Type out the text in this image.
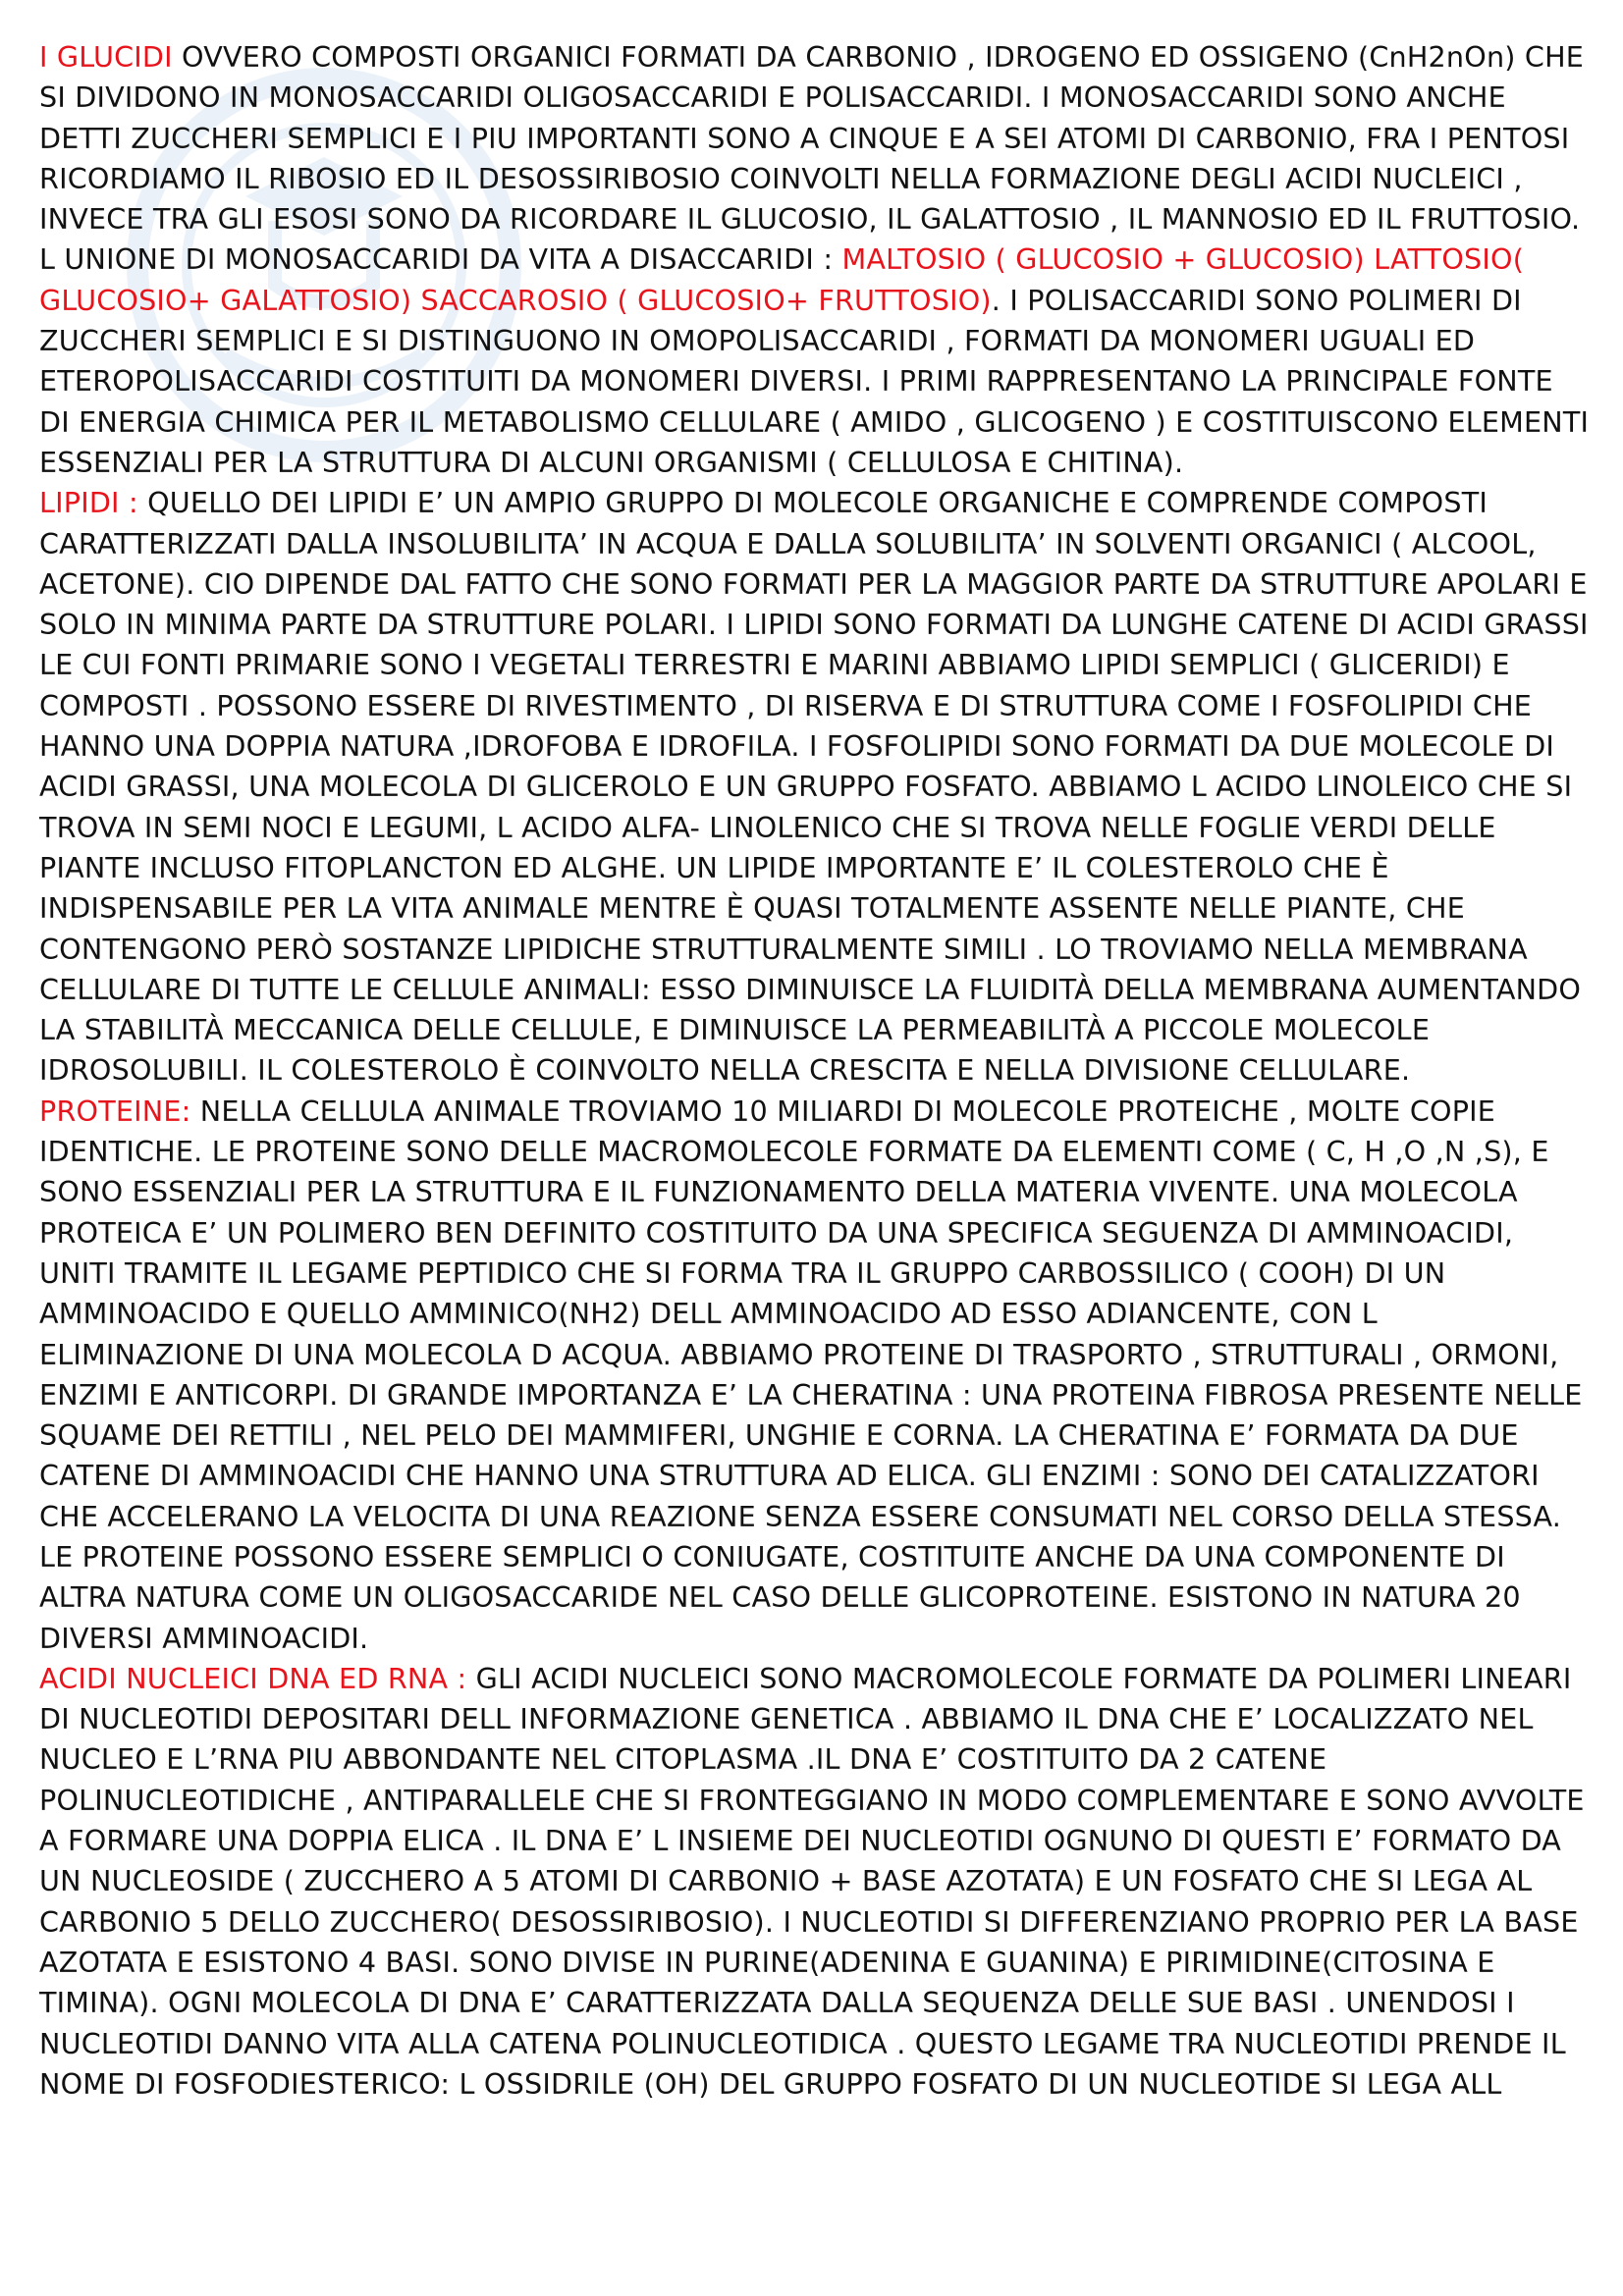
I GLUCIDI OVVERO COMPOSTI ORGANICI FORMATI DA CARBONIO , IDROGENO ED OSSIGENO (CnH2nOn) CHE SI DIVIDONO IN MONOSACCARIDI OLIGOSACCARIDI E POLISACCARIDI. I MONOSACCARIDI SONO ANCHE DETTI ZUCCHERI SEMPLICI E I PIU IMPORTANTI SONO A CINQUE E A SEI ATOMI DI CARBONIO, FRA I PENTOSI RICORDIAMO IL RIBOSIO ED IL DESOSSIRIBOSIO COINVOLTI NELLA FORMAZIONE DEGLI ACIDI NUCLEICI , INVECE TRA GLI ESOSI SONO DA RICORDARE IL GLUCOSIO, IL GALATTOSIO , IL MANNOSIO ED IL FRUTTOSIO. L UNIONE DI MONOSACCARIDI DA VITA A DISACCARIDI : MALTOSIO ( GLUCOSIO + GLUCOSIO) LATTOSIO( GLUCOSIO+ GALATTOSIO) SACCAROSIO ( GLUCOSIO+ FRUTTOSIO). I POLISACCARIDI SONO POLIMERI DI ZUCCHERI SEMPLICI E SI DISTINGUONO IN OMOPOLISACCARIDI , FORMATI DA MONOMERI UGUALI ED ETEROPOLISACCARIDI COSTITUITI DA MONOMERI DIVERSI. I PRIMI RAPPRESENTANO LA PRINCIPALE FONTE DI ENERGIA CHIMICA PER IL METABOLISMO CELLULARE ( AMIDO , GLICOGENO ) E COSTITUISCONO ELEMENTI ESSENZIALI PER LA STRUTTURA DI ALCUNI ORGANISMI ( CELLULOSA E CHITINA).

LIPIDI : QUELLO DEI LIPIDI E’ UN AMPIO GRUPPO DI MOLECOLE ORGANICHE E COMPRENDE COMPOSTI CARATTERIZZATI DALLA INSOLUBILITA’ IN ACQUA E DALLA SOLUBILITA’ IN SOLVENTI ORGANICI ( ALCOOL, ACETONE). CIO DIPENDE DAL FATTO CHE SONO FORMATI PER LA MAGGIOR PARTE DA STRUTTURE APOLARI E SOLO IN MINIMA PARTE DA STRUTTURE POLARI. I LIPIDI SONO FORMATI DA LUNGHE CATENE DI ACIDI GRASSI LE CUI FONTI PRIMARIE SONO I VEGETALI TERRESTRI E MARINI ABBIAMO LIPIDI SEMPLICI ( GLICERIDI) E COMPOSTI . POSSONO ESSERE DI RIVESTIMENTO , DI RISERVA E DI STRUTTURA COME I FOSFOLIPIDI CHE HANNO UNA DOPPIA NATURA ,IDROFOBA E IDROFILA. I FOSFOLIPIDI SONO FORMATI DA DUE MOLECOLE DI ACIDI GRASSI, UNA MOLECOLA DI GLICEROLO E UN GRUPPO FOSFATO. ABBIAMO L ACIDO LINOLEICO CHE SI TROVA IN SEMI NOCI E LEGUMI, L ACIDO ALFA- LINOLENICO CHE SI TROVA NELLE FOGLIE VERDI DELLE PIANTE INCLUSO FITOPLANCTON ED ALGHE. UN LIPIDE IMPORTANTE E’ IL COLESTEROLO CHE È INDISPENSABILE PER LA VITA ANIMALE MENTRE È QUASI TOTALMENTE ASSENTE NELLE PIANTE, CHE CONTENGONO PERÒ SOSTANZE LIPIDICHE STRUTTURALMENTE SIMILI . LO TROVIAMO NELLA MEMBRANA CELLULARE DI TUTTE LE CELLULE ANIMALI: ESSO DIMINUISCE LA FLUIDITÀ DELLA MEMBRANA AUMENTANDO LA STABILITÀ MECCANICA DELLE CELLULE, E DIMINUISCE LA PERMEABILITÀ A PICCOLE MOLECOLE IDROSOLUBILI. IL COLESTEROLO È COINVOLTO NELLA CRESCITA E NELLA DIVISIONE CELLULARE.

PROTEINE: NELLA CELLULA ANIMALE TROVIAMO 10 MILIARDI DI MOLECOLE PROTEICHE , MOLTE COPIE IDENTICHE. LE PROTEINE SONO DELLE MACROMOLECOLE FORMATE DA ELEMENTI COME ( C, H ,O ,N ,S), E SONO ESSENZIALI PER LA STRUTTURA E IL FUNZIONAMENTO DELLA MATERIA VIVENTE. UNA MOLECOLA PROTEICA E’ UN POLIMERO BEN DEFINITO COSTITUITO DA UNA SPECIFICA SEGUENZA DI AMMINOACIDI, UNITI TRAMITE IL LEGAME PEPTIDICO CHE SI FORMA TRA IL GRUPPO CARBOSSILICO ( COOH) DI UN AMMINOACIDO E QUELLO AMMINICO(NH2) DELL AMMINOACIDO AD ESSO ADIANCENTE, CON L ELIMINAZIONE DI UNA MOLECOLA D ACQUA. ABBIAMO PROTEINE DI TRASPORTO , STRUTTURALI , ORMONI, ENZIMI E ANTICORPI. DI GRANDE IMPORTANZA E’ LA CHERATINA : UNA PROTEINA FIBROSA PRESENTE NELLE SQUAME DEI RETTILI , NEL PELO DEI MAMMIFERI, UNGHIE E CORNA. LA CHERATINA E’ FORMATA DA DUE CATENE DI AMMINOACIDI CHE HANNO UNA STRUTTURA AD ELICA. GLI ENZIMI : SONO DEI CATALIZZATORI CHE ACCELERANO LA VELOCITA DI UNA REAZIONE SENZA ESSERE CONSUMATI NEL CORSO DELLA STESSA. LE PROTEINE POSSONO ESSERE SEMPLICI O CONIUGATE, COSTITUITE ANCHE DA UNA COMPONENTE DI ALTRA NATURA COME UN OLIGOSACCARIDE NEL CASO DELLE GLICOPROTEINE. ESISTONO IN NATURA 20 DIVERSI AMMINOACIDI.

ACIDI NUCLEICI DNA ED RNA : GLI ACIDI NUCLEICI SONO MACROMOLECOLE FORMATE DA POLIMERI LINEARI DI NUCLEOTIDI DEPOSITARI DELL INFORMAZIONE GENETICA . ABBIAMO IL DNA CHE E’ LOCALIZZATO NEL NUCLEO E L’RNA PIU ABBONDANTE NEL CITOPLASMA .IL DNA E’ COSTITUITO DA 2 CATENE POLINUCLEOTIDICHE , ANTIPARALLELE CHE SI FRONTEGGIANO IN MODO COMPLEMENTARE E SONO AVVOLTE A FORMARE UNA DOPPIA ELICA . IL DNA E’ L INSIEME DEI NUCLEOTIDI OGNUNO DI QUESTI E’ FORMATO DA UN NUCLEOSIDE ( ZUCCHERO A 5 ATOMI DI CARBONIO + BASE AZOTATA) E UN FOSFATO CHE SI LEGA AL CARBONIO 5 DELLO ZUCCHERO( DESOSSIRIBOSIO). I NUCLEOTIDI SI DIFFERENZIANO PROPRIO PER LA BASE AZOTATA E ESISTONO 4 BASI. SONO DIVISE IN PURINE(ADENINA E GUANINA) E PIRIMIDINE(CITOSINA E TIMINA). OGNI MOLECOLA DI DNA E’ CARATTERIZZATA DALLA SEQUENZA DELLE SUE BASI . UNENDOSI I NUCLEOTIDI DANNO VITA ALLA CATENA POLINUCLEOTIDICA . QUESTO LEGAME TRA NUCLEOTIDI PRENDE IL NOME DI FOSFODIESTERICO: L OSSIDRILE (OH) DEL GRUPPO FOSFATO DI UN NUCLEOTIDE SI LEGA ALL
